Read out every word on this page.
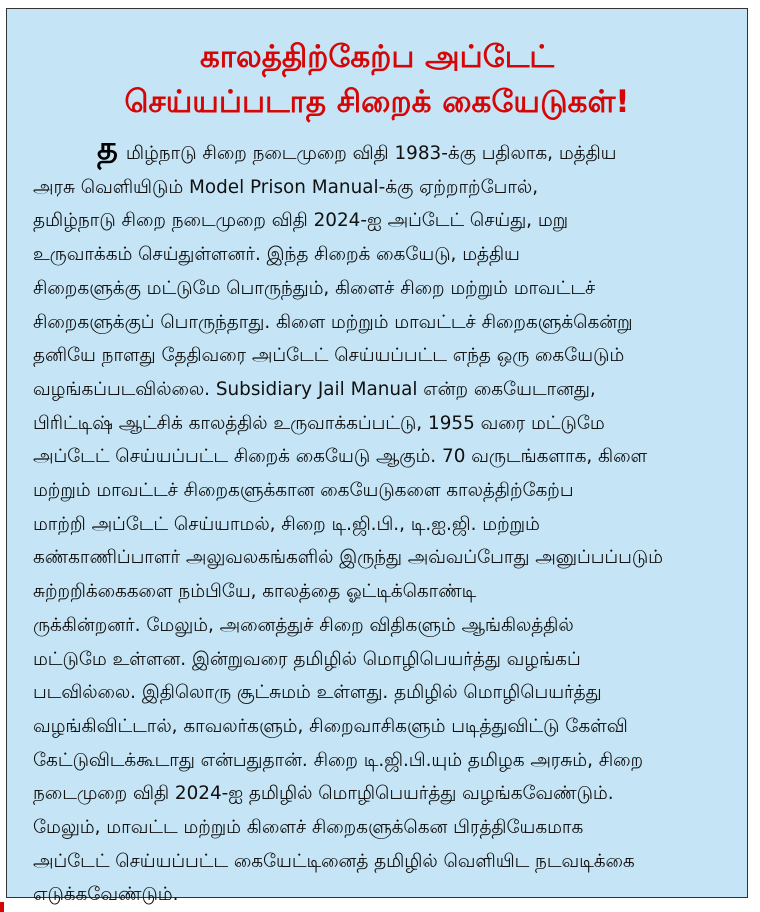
காலத்திற்கேற்ப அப்டேட்
செய்யப்படாத சிறைக் கையேடுகள்!
தமிழ்நாடு சிறை நடைமுறை விதி 1983-க்கு பதிலாக, மத்திய
அரசு வெளியிடும் Model Prison Manual-க்கு ஏற்றாற்போல்,
தமிழ்நாடு சிறை நடைமுறை விதி 2024-ஐ அப்டேட் செய்து, மறு
உருவாக்கம் செய்துள்ளனர். இந்த சிறைக் கையேடு, மத்திய
சிறைகளுக்கு மட்டுமே பொருந்தும், கிளைச் சிறை மற்றும் மாவட்டச்
சிறைகளுக்குப் பொருந்தாது. கிளை மற்றும் மாவட்டச் சிறைகளுக்கென்று
தனியே நாளது தேதிவரை அப்டேட் செய்யப்பட்ட எந்த ஒரு கையேடும்
வழங்கப்படவில்லை. Subsidiary Jail Manual என்ற கையேடானது,
பிரிட்டிஷ் ஆட்சிக் காலத்தில் உருவாக்கப்பட்டு, 1955 வரை மட்டுமே
அப்டேட் செய்யப்பட்ட சிறைக் கையேடு ஆகும். 70 வருடங்களாக, கிளை
மற்றும் மாவட்டச் சிறைகளுக்கான கையேடுகளை காலத்திற்கேற்ப
மாற்றி அப்டேட் செய்யாமல், சிறை டி.ஜி.பி., டி.ஐ.ஜி. மற்றும்
கண்காணிப்பாளர் அலுவலகங்களில் இருந்து அவ்வப்போது அனுப்பப்படும்
சுற்றறிக்கைகளை நம்பியே, காலத்தை ஓட்டிக்கொண்டி
ருக்கின்றனர். மேலும், அனைத்துச் சிறை விதிகளும் ஆங்கிலத்தில்
மட்டுமே உள்ளன. இன்றுவரை தமிழில் மொழிபெயர்த்து வழங்கப்
படவில்லை. இதிலொரு சூட்சுமம் உள்ளது. தமிழில் மொழிபெயர்த்து
வழங்கிவிட்டால், காவலர்களும், சிறைவாசிகளும் படித்துவிட்டு கேள்வி
கேட்டுவிடக்கூடாது என்பதுதான். சிறை டி.ஜி.பி.யும் தமிழக அரசும், சிறை
நடைமுறை விதி 2024-ஐ தமிழில் மொழிபெயர்த்து வழங்கவேண்டும்.
மேலும், மாவட்ட மற்றும் கிளைச் சிறைகளுக்கென பிரத்தியேகமாக
அப்டேட் செய்யப்பட்ட கையேட்டினைத் தமிழில் வெளியிட நடவடிக்கை
எடுக்கவேண்டும்.
